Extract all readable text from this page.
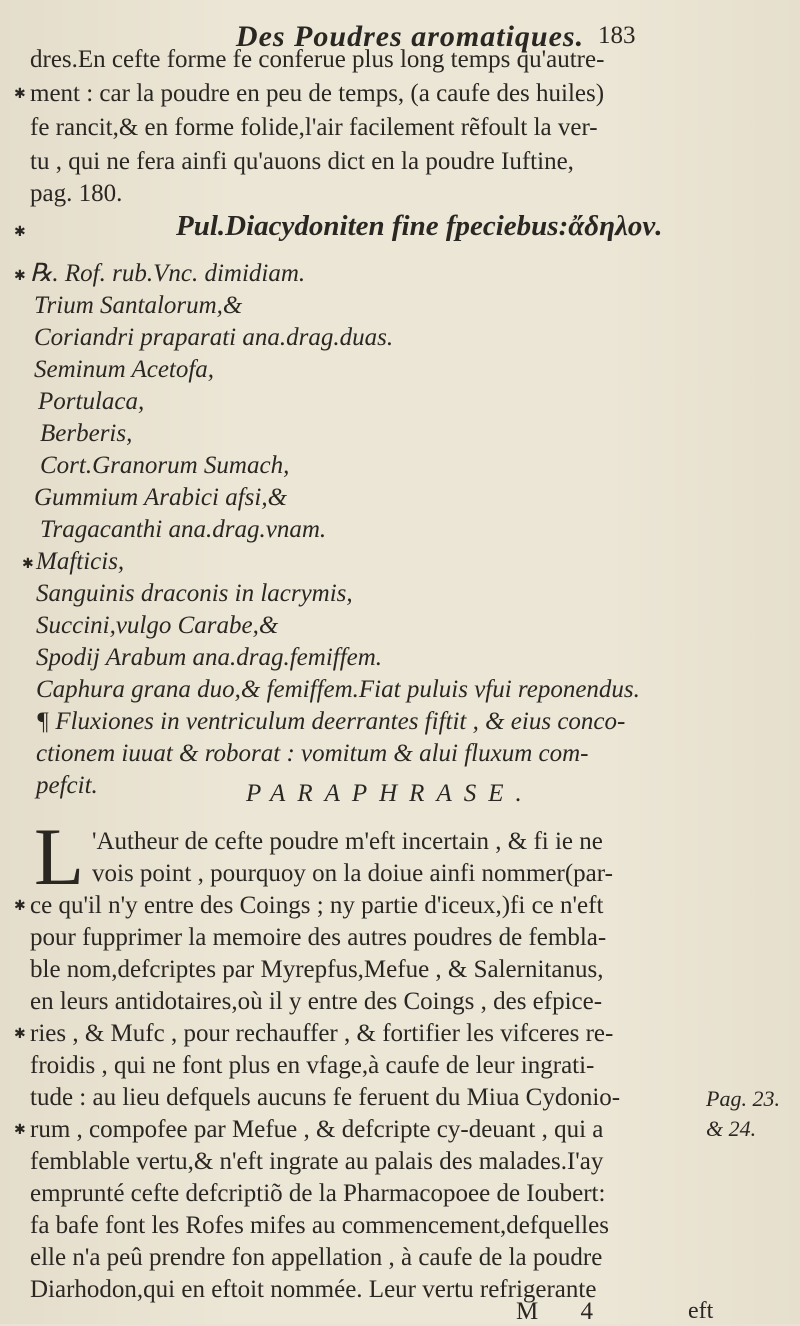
Des Poudres aromatiques. 183
dres.En cefte forme fe conferue plus long temps qu'autre-
ment : car la poudre en peu de temps, (a caufe des huiles)
fe rancit,& en forme folide,l'air facilement rẽfoult la ver-
tu , qui ne fera ainfi qu'auons dict en la poudre Iuftine,
pag. 180.
✱
✱	Pul.Diacydoniten fine fpeciebus:ἄδηλον.
✱ ℞. Rof. rub.Vnc. dimidiam.
Trium Santalorum,&
Coriandri praparati ana.drag.duas.
Seminum Acetofa,
Portulaca,
Berberis,
Cort.Granorum Sumach,
Gummium Arabici afsi,&
Tragacanthi ana.drag.vnam.
✱ Mafticis,
Sanguinis draconis in lacrymis,
Succini,vulgo Carabe,&
Spodij Arabum ana.drag.femiffem.
Caphura grana duo,& femiffem.Fiat puluis vfui reponendus.
¶ Fluxiones in ventriculum deerrantes fiftit , & eius conco-
ctionem iuuat & roborat : vomitum & alui fluxum com-
pefcit.	PARAPHRASE.
L 'Autheur de cefte poudre m'eft incertain , & fi ie ne
vois point , pourquoy on la doiue ainfi nommer(par-
✱ ce qu'il n'y entre des Coings ; ny partie d'iceux,)fi ce n'eft
pour fupprimer la memoire des autres poudres de fembla-
ble nom,defcriptes par Myrepfus,Mefue , & Salernitanus,
en leurs antidotaires,où il y entre des Coings , des efpice-
✱ ries , & Mufc , pour rechauffer , & fortifier les vifceres re-
froidis , qui ne font plus en vfage,à caufe de leur ingrati-
tude : au lieu defquels aucuns fe feruent du Miua Cydonio-
✱ rum , compofee par Mefue , & defcripte cy-deuant , qui a
femblable vertu,& n'eft ingrate au palais des malades.I'ay
emprunté cefte defcriptiõ de la Pharmacopoee de Ioubert:
fa bafe font les Rofes mifes au commencement,defquelles
elle n'a peû prendre fon appellation , à caufe de la poudre
Diarhodon,qui en eftoit nommée. Leur vertu refrigerante
Pag. 23.
& 24.
M 4	eft
